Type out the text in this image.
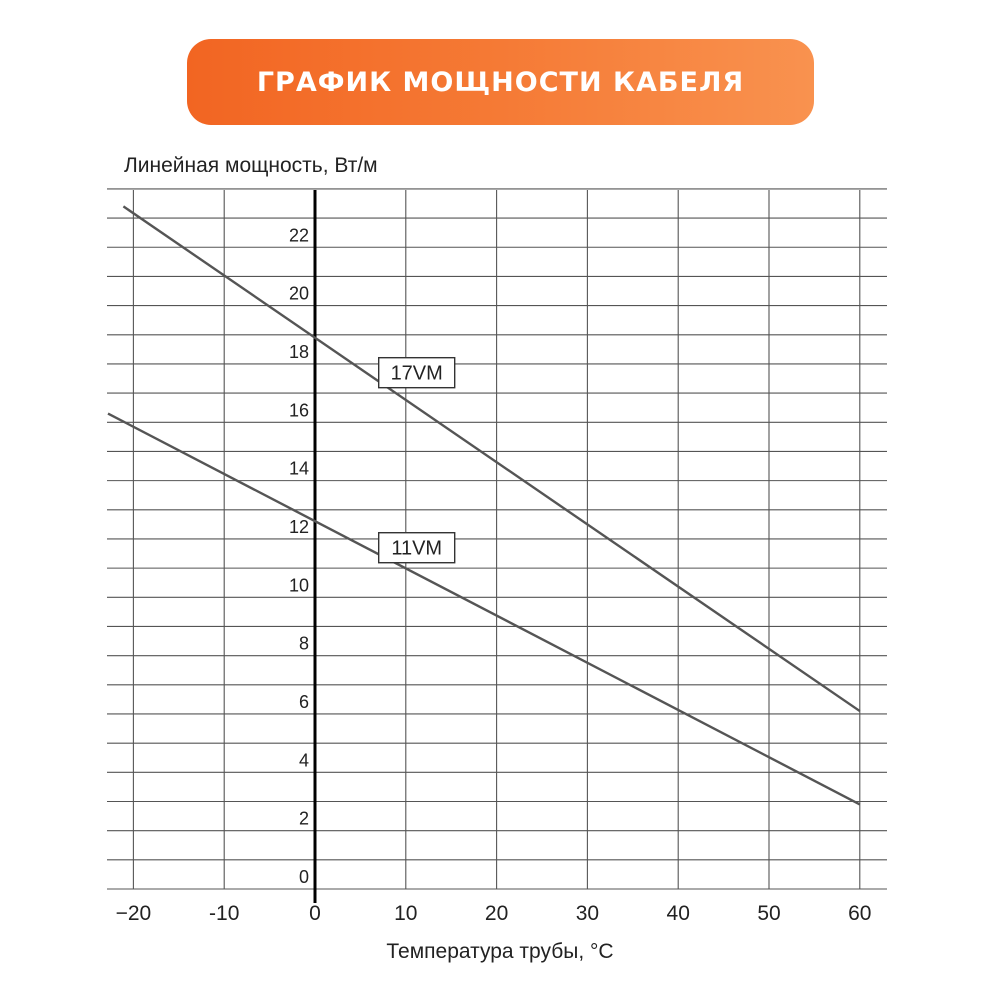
ГРАФИК МОЩНОСТИ КАБЕЛЯ
Линейная мощность, Вт/м
Температура трубы, °C
0
2
4
6
8
10
12
14
16
18
20
22
−20	-10	0	10	20	30	40	50	60
17VM
11VM
